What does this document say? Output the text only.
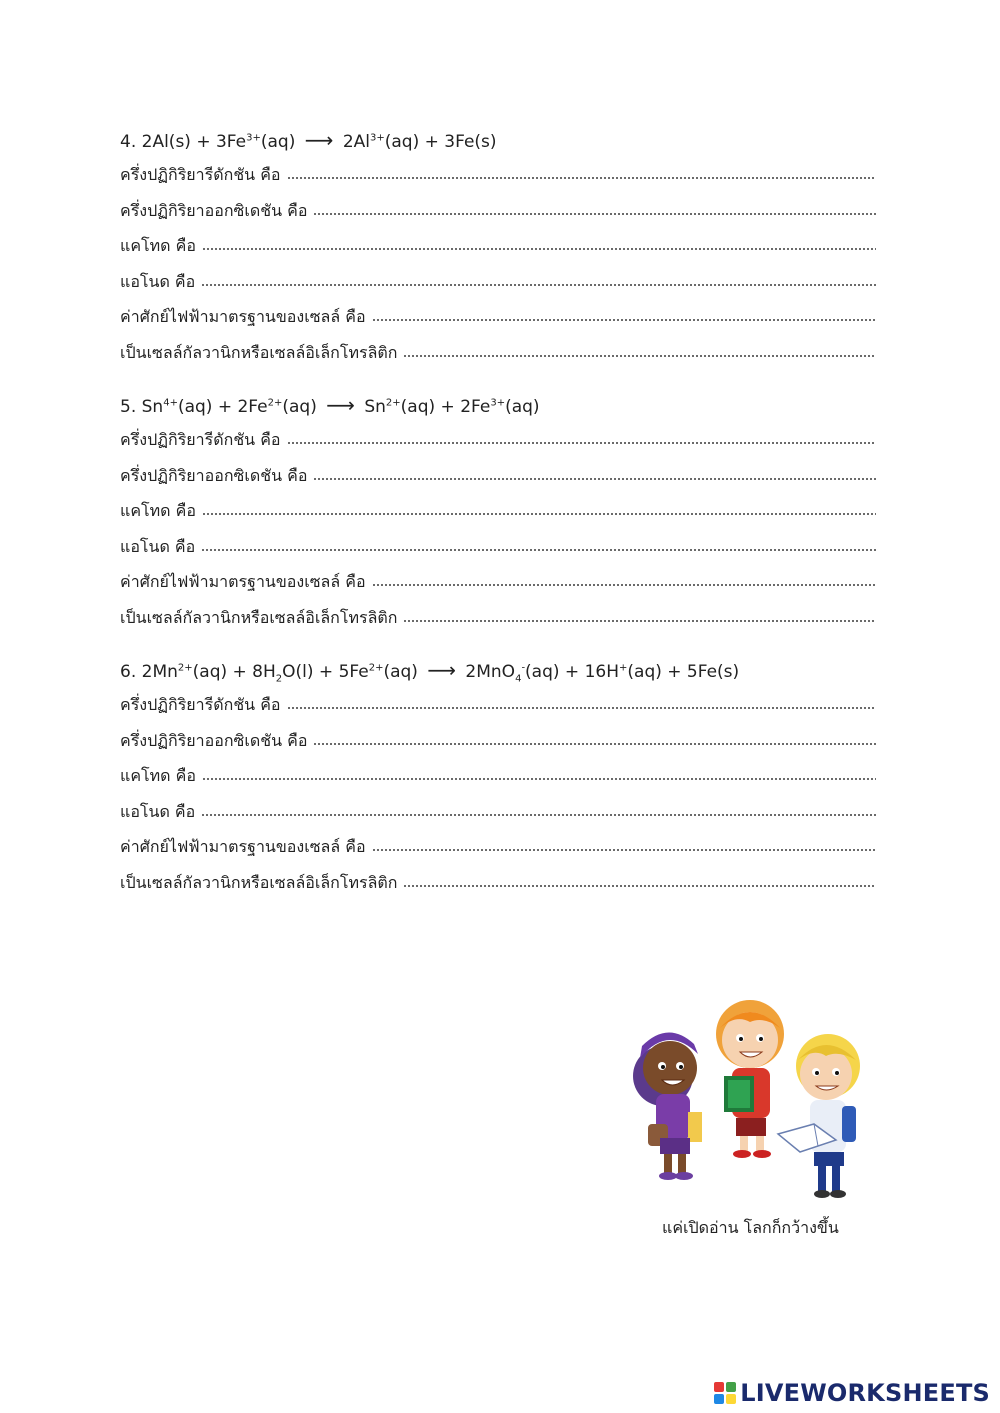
4. $2Al(s) + 3Fe^{3+}(aq)$ ⟶ $2Al^{3+}(aq) + 3Fe(s)$
ครึ่งปฏิกิริยารีดักชัน คือ
ครึ่งปฏิกิริยาออกซิเดชัน คือ
แคโทด คือ
แอโนด คือ
ค่าศักย์ไฟฟ้ามาตรฐานของเซลล์ คือ
เป็นเซลล์กัลวานิกหรือเซลล์อิเล็กโทรลิติก
5. $Sn^{4+}(aq) + 2Fe^{2+}(aq)$ ⟶ $Sn^{2+}(aq) + 2Fe^{3+}(aq)$
ครึ่งปฏิกิริยารีดักชัน คือ
ครึ่งปฏิกิริยาออกซิเดชัน คือ
แคโทด คือ
แอโนด คือ
ค่าศักย์ไฟฟ้ามาตรฐานของเซลล์ คือ
เป็นเซลล์กัลวานิกหรือเซลล์อิเล็กโทรลิติก
6. $2Mn^{2+}(aq) + 8H_2O(l) + 5Fe^{2+}(aq)$ ⟶ 2MnO$_4$-(aq) + 16H+(aq) + 5Fe(s)
ครึ่งปฏิกิริยารีดักชัน คือ
ครึ่งปฏิกิริยาออกซิเดชัน คือ
แคโทด คือ
แอโนด คือ
ค่าศักย์ไฟฟ้ามาตรฐานของเซลล์ คือ
เป็นเซลล์กัลวานิกหรือเซลล์อิเล็กโทรลิติก
แค่เปิดอ่าน โลกก็กว้างขึ้น
LIVEWORKSHEETS
